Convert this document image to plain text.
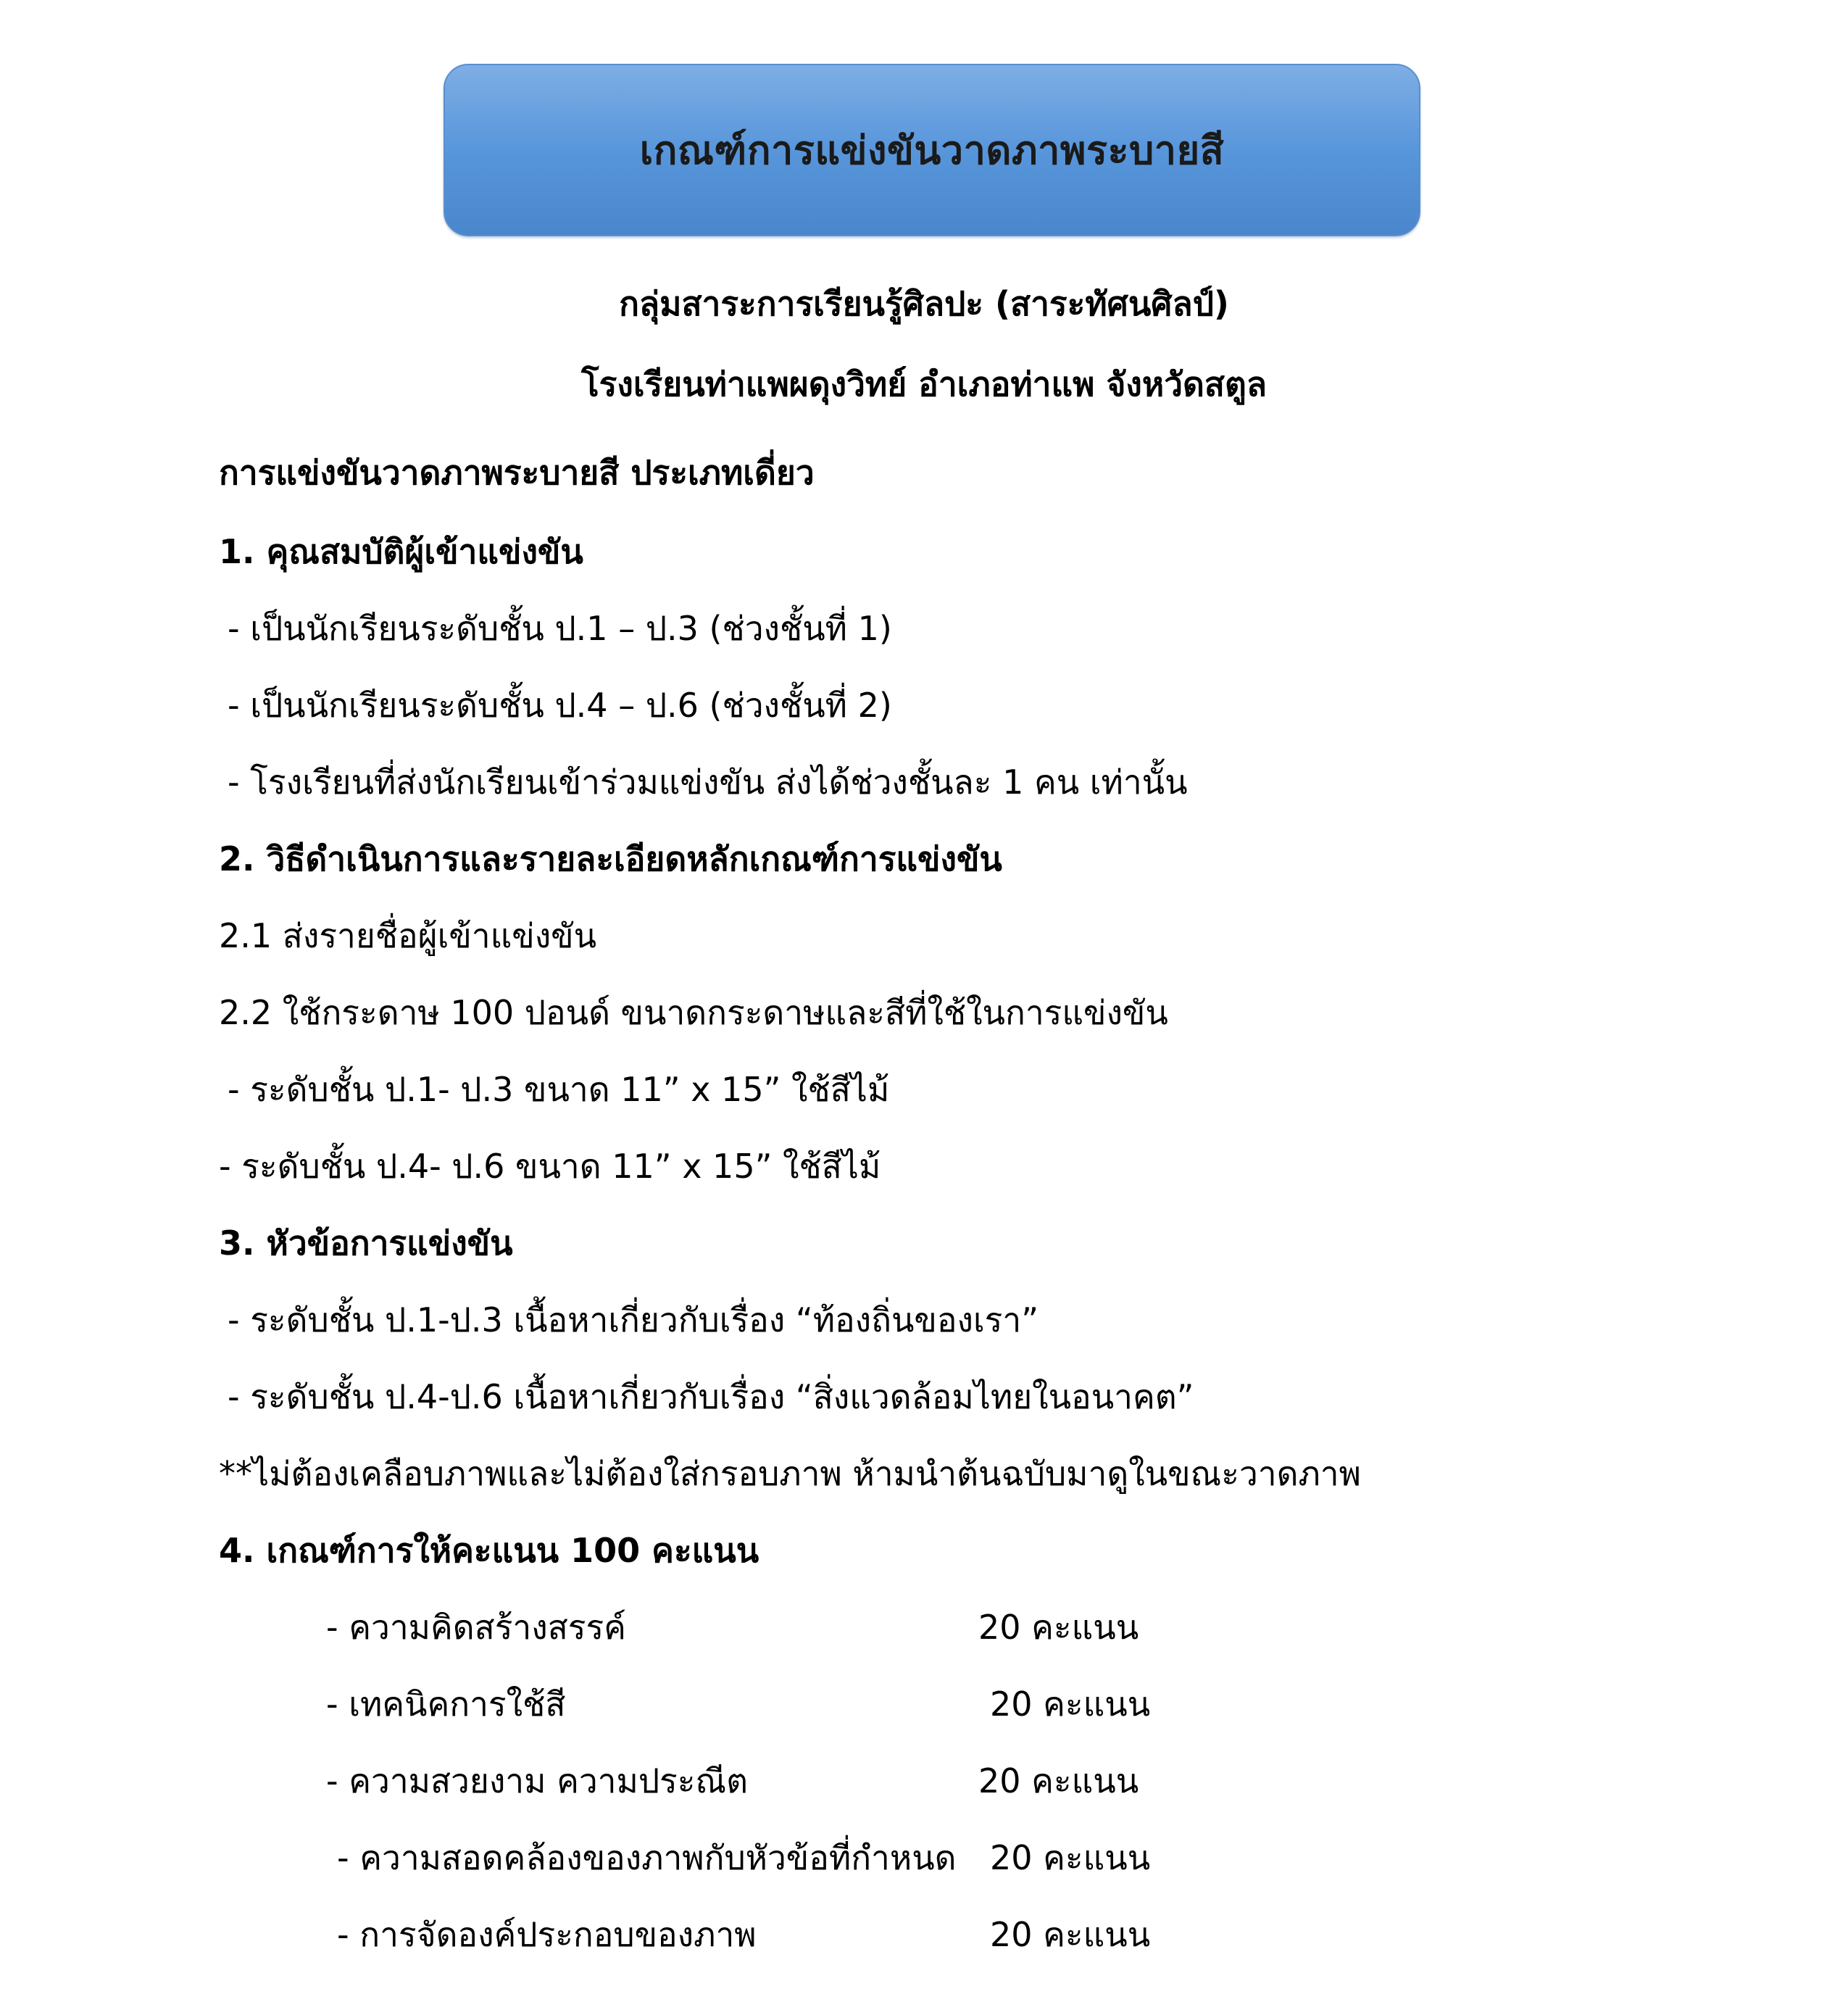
เกณฑ์การแข่งขันวาดภาพระบายสี
กลุ่มสาระการเรียนรู้ศิลปะ (สาระทัศนศิลป์)
โรงเรียนท่าแพผดุงวิทย์ อำเภอท่าแพ จังหวัดสตูล
การแข่งขันวาดภาพระบายสี ประเภทเดี่ยว
1. คุณสมบัติผู้เข้าแข่งขัน
- เป็นนักเรียนระดับชั้น ป.1 – ป.3 (ช่วงชั้นที่ 1)
- เป็นนักเรียนระดับชั้น ป.4 – ป.6 (ช่วงชั้นที่ 2)
- โรงเรียนที่ส่งนักเรียนเข้าร่วมแข่งขัน ส่งได้ช่วงชั้นละ 1 คน เท่านั้น
2. วิธีดำเนินการและรายละเอียดหลักเกณฑ์การแข่งขัน
2.1 ส่งรายชื่อผู้เข้าแข่งขัน
2.2 ใช้กระดาษ 100 ปอนด์ ขนาดกระดาษและสีที่ใช้ในการแข่งขัน
- ระดับชั้น ป.1- ป.3 ขนาด 11” x 15” ใช้สีไม้
- ระดับชั้น ป.4- ป.6 ขนาด 11” x 15” ใช้สีไม้
3. หัวข้อการแข่งขัน
- ระดับชั้น ป.1-ป.3 เนื้อหาเกี่ยวกับเรื่อง “ท้องถิ่นของเรา”
- ระดับชั้น ป.4-ป.6 เนื้อหาเกี่ยวกับเรื่อง “สิ่งแวดล้อมไทยในอนาคต”
**ไม่ต้องเคลือบภาพและไม่ต้องใส่กรอบภาพ ห้ามนำต้นฉบับมาดูในขณะวาดภาพ
4. เกณฑ์การให้คะแนน 100 คะแนน
- ความคิดสร้างสรรค์	20 คะแนน
- เทคนิคการใช้สี	20 คะแนน
- ความสวยงาม ความประณีต	20 คะแนน
- ความสอดคล้องของภาพกับหัวข้อที่กำหนด 20 คะแนน
- การจัดองค์ประกอบของภาพ	20 คะแนน
